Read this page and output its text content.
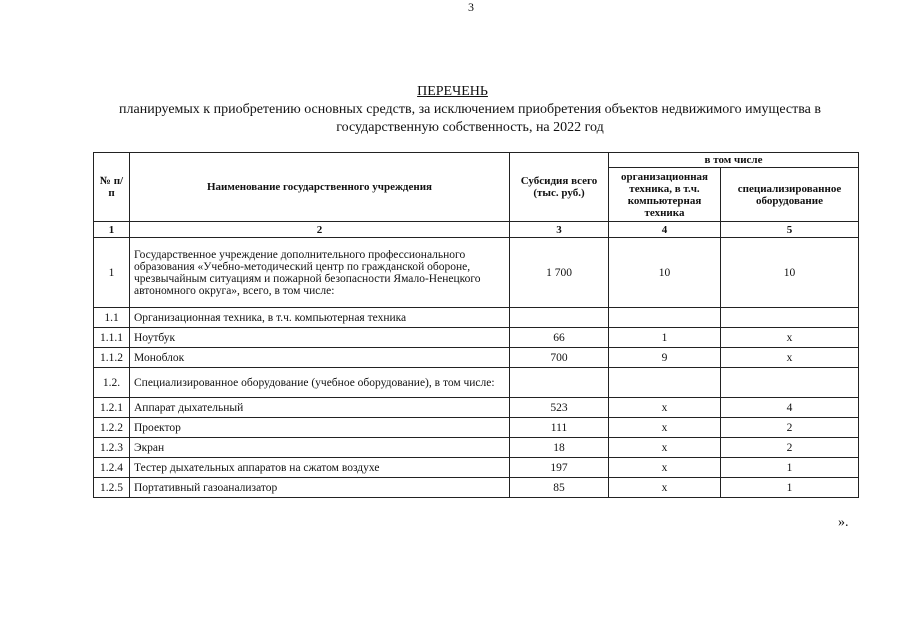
3
ПЕРЕЧЕНЬ
планируемых к приобретению основных средств, за исключением приобретения объектов недвижимого имущества в государственную собственность, на 2022 год
№ п/п	Наименование государственного учреждения	Субсидия всего (тыс. руб.)	в том числе	
			организационная техника, в т.ч. компьютерная техника	специализированное оборудование
1	2	3	4	5
1	Государственное учреждение дополнительного профессионального образования «Учебно-методический центр по гражданской обороне, чрезвычайным ситуациям и пожарной безопасности Ямало-Ненецкого автономного округа», всего, в том числе:	1 700	10	10
1.1	Организационная техника, в т.ч. компьютерная техника			
1.1.1	Ноутбук	66	1	х
1.1.2	Моноблок	700	9	х
1.2.	Специализированное оборудование (учебное оборудование), в том числе:			
1.2.1	Аппарат дыхательный	523	х	4
1.2.2	Проектор	111	х	2
1.2.3	Экран	18	х	2
1.2.4	Тестер дыхательных аппаратов на сжатом воздухе	197	х	1
1.2.5	Портативный газоанализатор	85	х	1
».
